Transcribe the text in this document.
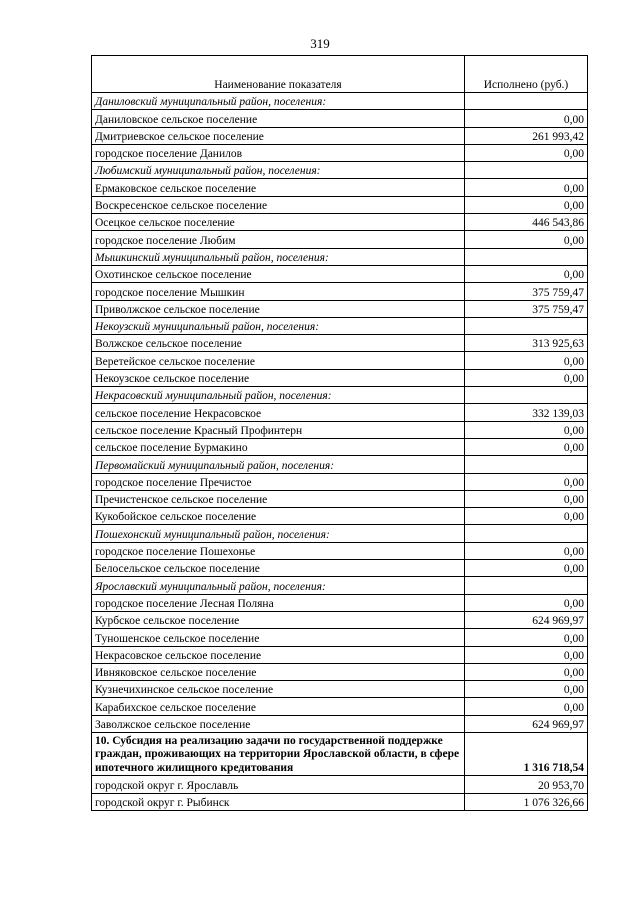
319
Наименование показателя	Исполнено (руб.)
Даниловский муниципальный район, поселения:	
Даниловское сельское поселение	0,00
Дмитриевское сельское поселение	261 993,42
городское поселение Данилов	0,00
Любимский муниципальный район, поселения:	
Ермаковское сельское поселение	0,00
Воскресенское сельское поселение	0,00
Осецкое сельское поселение	446 543,86
городское поселение Любим	0,00
Мышкинский муниципальный район, поселения:	
Охотинское сельское поселение	0,00
городское поселение Мышкин	375 759,47
Приволжское сельское поселение	375 759,47
Некоузский муниципальный район, поселения:	
Волжское сельское поселение	313 925,63
Веретейское сельское поселение	0,00
Некоузское сельское поселение	0,00
Некрасовский муниципальный район, поселения:	
сельское поселение Некрасовское	332 139,03
сельское поселение Красный Профинтерн	0,00
сельское поселение Бурмакино	0,00
Первомайский муниципальный район, поселения:	
городское поселение Пречистое	0,00
Пречистенское сельское поселение	0,00
Кукобойское сельское поселение	0,00
Пошехонский муниципальный район, поселения:	
городское поселение Пошехонье	0,00
Белосельское сельское поселение	0,00
Ярославский муниципальный район, поселения:	
городское поселение Лесная Поляна	0,00
Курбское сельское поселение	624 969,97
Туношенское сельское поселение	0,00
Некрасовское сельское поселение	0,00
Ивняковское сельское поселение	0,00
Кузнечихинское сельское поселение	0,00
Карабихское сельское поселение	0,00
Заволжское сельское поселение	624 969,97
10. Субсидия на реализацию задачи по государственной поддержке граждан, проживающих на территории Ярославской области, в сфере ипотечного жилищного кредитования	1 316 718,54
городской округ г. Ярославль	20 953,70
городской округ г. Рыбинск	1 076 326,66
